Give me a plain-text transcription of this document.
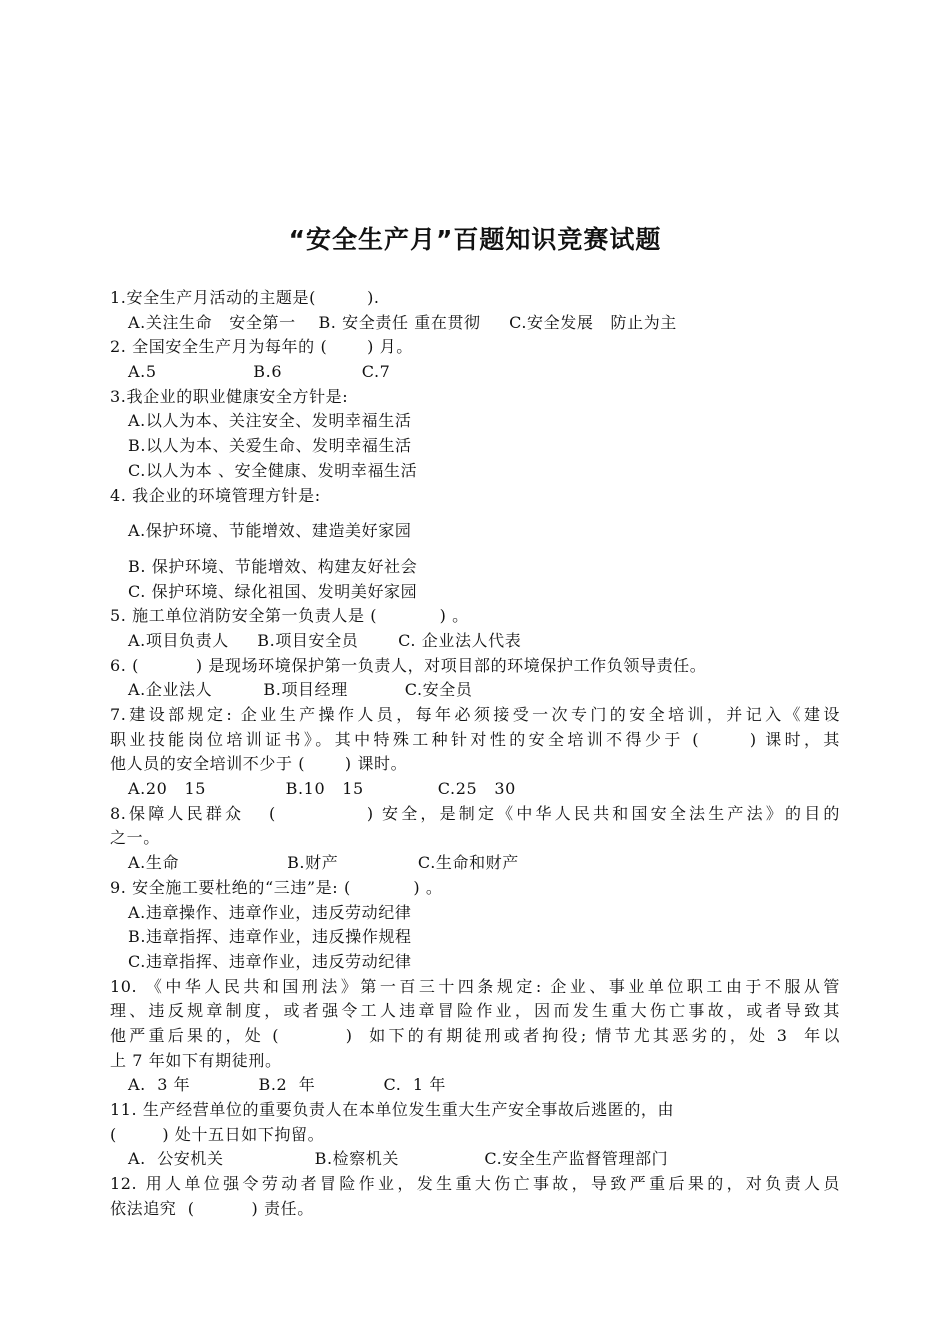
“安全生产月”百题知识竞赛试题
1.安全生产月活动的主题是(         ).
A.关注生命   安全第一    B. 安全责任 重在贯彻     C.安全发展   防止为主
2. 全国安全生产月为每年的 (       ) 月。
A.5                 B.6              C.7
3.我企业的职业健康安全方针是:
A.以人为本、关注安全、发明幸福生活
B.以人为本、关爱生命、发明幸福生活
C.以人为本 、安全健康、发明幸福生活
4. 我企业的环境管理方针是:
A.保护环境、节能增效、建造美好家园
B. 保护环境、节能增效、构建友好社会
C. 保护环境、绿化祖国、发明美好家园
5. 施工单位消防安全第一负责人是 (           ) 。
A.项目负责人     B.项目安全员       C. 企业法人代表
6. (          ) 是现场环境保护第一负责人，对项目部的环境保护工作负领导责任。
A.企业法人         B.项目经理          C.安全员
7.建设部规定: 企业生产操作人员，每年必须接受一次专门的安全培训，并记入《建设
职业技能岗位培训证书》。其中特殊工种针对性的安全培训不得少于 (      ) 课时，其
他人员的安全培训不少于 (       ) 课时。
A.20   15              B.10   15             C.25   30
8.保障人民群众   (           ) 安全，是制定《中华人民共和国安全法生产法》的目的
之一。
A.生命                   B.财产              C.生命和财产
9. 安全施工要杜绝的“三违”是: (           ) 。
A.违章操作、违章作业，违反劳动纪律
B.违章指挥、违章作业，违反操作规程
C.违章指挥、违章作业，违反劳动纪律
10. 《中华人民共和国刑法》第一百三十四条规定: 企业、事业单位职工由于不服从管
理、违反规章制度，或者强令工人违章冒险作业，因而发生重大伤亡事故，或者导致其
他严重后果的，处 (        )  如下的有期徒刑或者拘役; 情节尤其恶劣的，处 3  年以
上 7 年如下有期徒刑。
A.  3 年            B.2  年            C.  1 年
11. 生产经营单位的重要负责人在本单位发生重大生产安全事故后逃匿的，由
(        ) 处十五日如下拘留。
A.  公安机关                B.检察机关               C.安全生产监督管理部门
12. 用人单位强令劳动者冒险作业，发生重大伤亡事故，导致严重后果的，对负责人员
依法追究  (          ) 责任。
